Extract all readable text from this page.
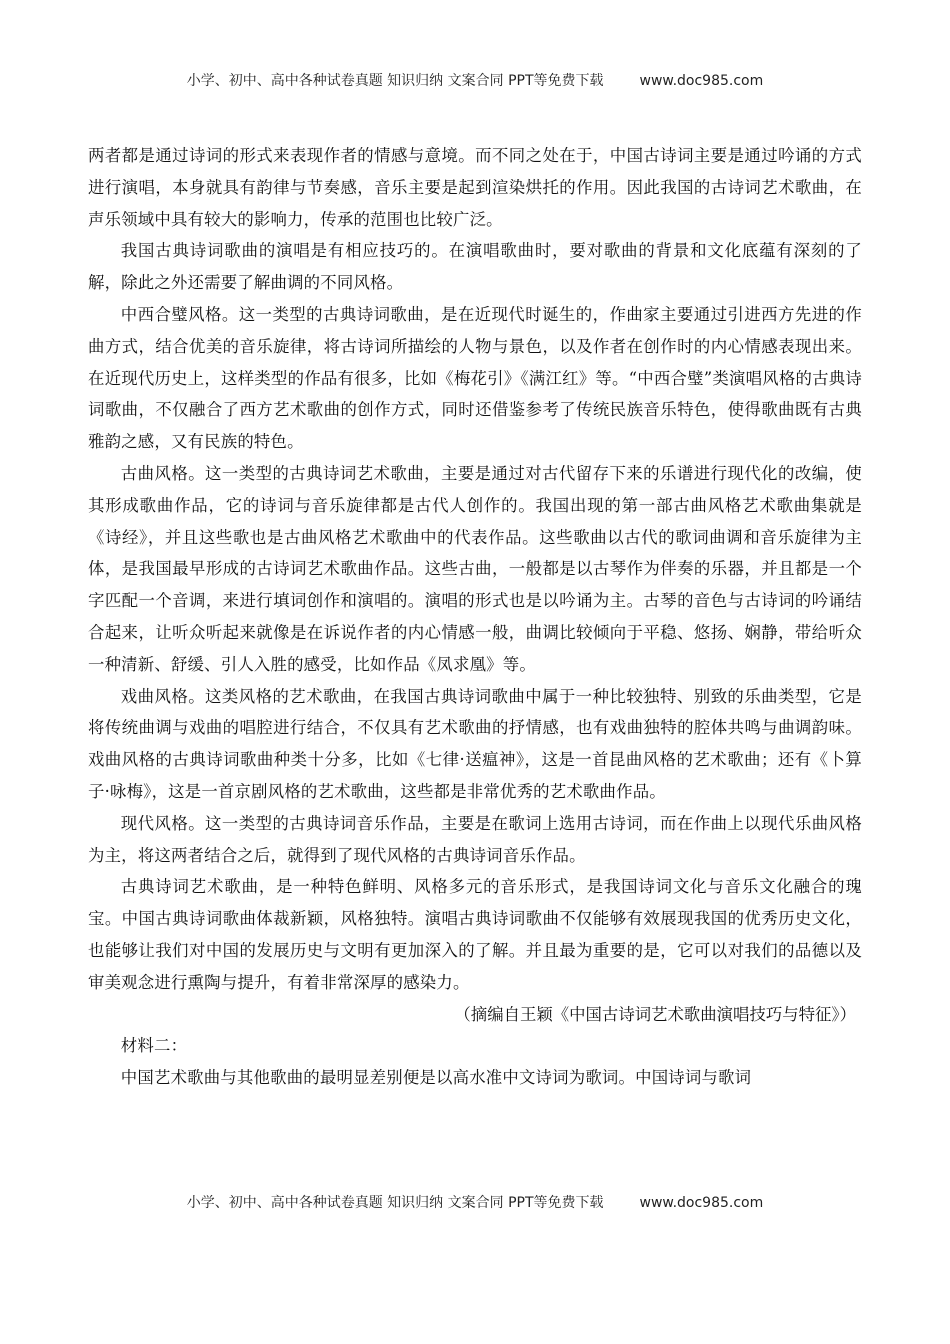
小学、初中、高中各种试卷真题 知识归纳 文案合同 PPT等免费下载	www.doc985.com

两者都是通过诗词的形式来表现作者的情感与意境。而不同之处在于，中国古诗词主要是通过吟诵的方式进行演唱，本身就具有韵律与节奏感，音乐主要是起到渲染烘托的作用。因此我国的古诗词艺术歌曲，在声乐领域中具有较大的影响力，传承的范围也比较广泛。

我国古典诗词歌曲的演唱是有相应技巧的。在演唱歌曲时，要对歌曲的背景和文化底蕴有深刻的了解，除此之外还需要了解曲调的不同风格。

中西合璧风格。这一类型的古典诗词歌曲，是在近现代时诞生的，作曲家主要通过引进西方先进的作曲方式，结合优美的音乐旋律，将古诗词所描绘的人物与景色，以及作者在创作时的内心情感表现出来。在近现代历史上，这样类型的作品有很多，比如《梅花引》《满江红》等。“中西合璧”类演唱风格的古典诗词歌曲，不仅融合了西方艺术歌曲的创作方式，同时还借鉴参考了传统民族音乐特色，使得歌曲既有古典雅韵之感，又有民族的特色。

古曲风格。这一类型的古典诗词艺术歌曲，主要是通过对古代留存下来的乐谱进行现代化的改编，使其形成歌曲作品，它的诗词与音乐旋律都是古代人创作的。我国出现的第一部古曲风格艺术歌曲集就是《诗经》，并且这些歌也是古曲风格艺术歌曲中的代表作品。这些歌曲以古代的歌词曲调和音乐旋律为主体，是我国最早形成的古诗词艺术歌曲作品。这些古曲，一般都是以古琴作为伴奏的乐器，并且都是一个字匹配一个音调，来进行填词创作和演唱的。演唱的形式也是以吟诵为主。古琴的音色与古诗词的吟诵结合起来，让听众听起来就像是在诉说作者的内心情感一般，曲调比较倾向于平稳、悠扬、娴静，带给听众一种清新、舒缓、引人入胜的感受，比如作品《凤求凰》等。

戏曲风格。这类风格的艺术歌曲，在我国古典诗词歌曲中属于一种比较独特、别致的乐曲类型，它是将传统曲调与戏曲的唱腔进行结合，不仅具有艺术歌曲的抒情感，也有戏曲独特的腔体共鸣与曲调韵味。戏曲风格的古典诗词歌曲种类十分多，比如《七律·送瘟神》，这是一首昆曲风格的艺术歌曲；还有《卜算子·咏梅》，这是一首京剧风格的艺术歌曲，这些都是非常优秀的艺术歌曲作品。

现代风格。这一类型的古典诗词音乐作品，主要是在歌词上选用古诗词，而在作曲上以现代乐曲风格为主，将这两者结合之后，就得到了现代风格的古典诗词音乐作品。

古典诗词艺术歌曲，是一种特色鲜明、风格多元的音乐形式，是我国诗词文化与音乐文化融合的瑰宝。中国古典诗词歌曲体裁新颖，风格独特。演唱古典诗词歌曲不仅能够有效展现我国的优秀历史文化，也能够让我们对中国的发展历史与文明有更加深入的了解。并且最为重要的是，它可以对我们的品德以及审美观念进行熏陶与提升，有着非常深厚的感染力。

（摘编自王颖《中国古诗词艺术歌曲演唱技巧与特征》）

材料二：

中国艺术歌曲与其他歌曲的最明显差别便是以高水准中文诗词为歌词。中国诗词与歌词

小学、初中、高中各种试卷真题 知识归纳 文案合同 PPT等免费下载	www.doc985.com
